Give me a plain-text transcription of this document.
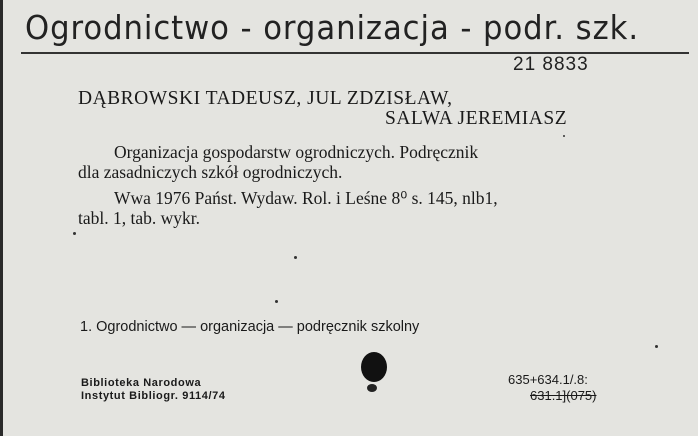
Ogrodnictwo - organizacja - podr. szk.
21 8833
DĄBROWSKI TADEUSZ, JUL ZDZISŁAW,
SALWA JEREMIASZ
Organizacja gospodarstw ogrodniczych. Podręcznik
dla zasadniczych szkół ogrodniczych.
Wwa 1976 Państ. Wydaw. Rol. i Leśne 8⁰ s. 145, nlb1,
tabl. 1, tab. wykr.
1. Ogrodnictwo — organizacja — podręcznik szkolny
Biblioteka Narodowa
Instytut Bibliogr. 9114/74
635+634.1/.8:
631.1](075)
